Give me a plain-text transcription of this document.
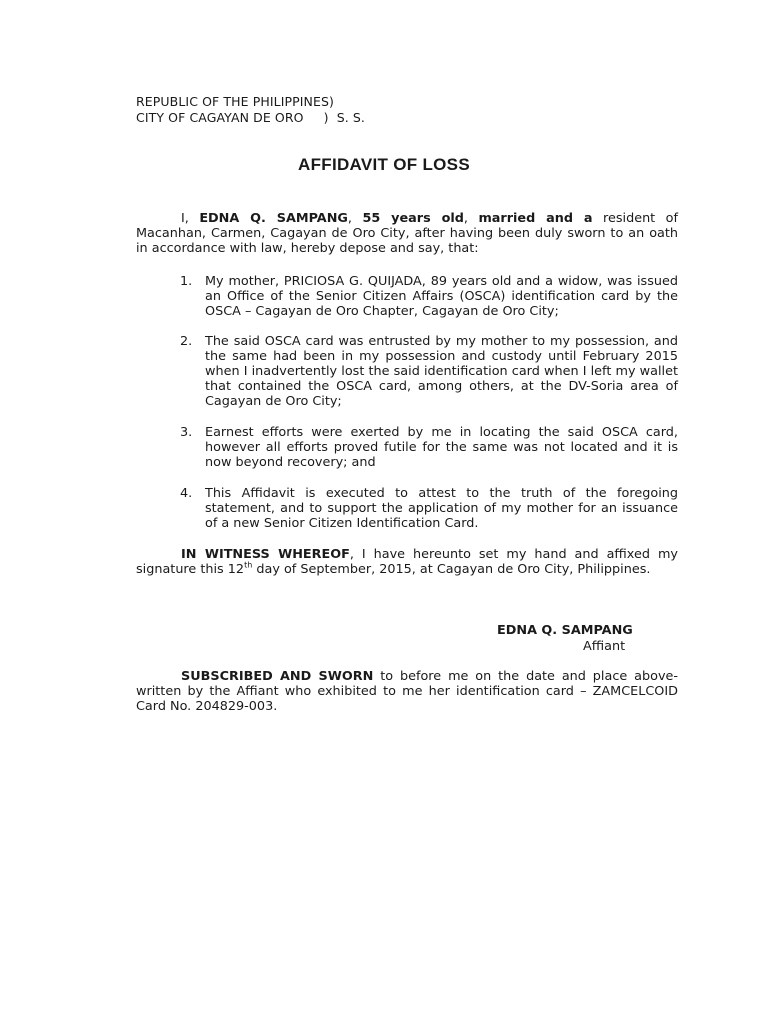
REPUBLIC OF THE PHILIPPINES)
CITY OF CAGAYAN DE ORO )  S. S.
AFFIDAVIT OF LOSS
I, EDNA Q. SAMPANG, 55 years old, married and a resident of Macanhan, Carmen, Cagayan de Oro City, after having been duly sworn to an oath in accordance with law, hereby depose and say, that:
1. My mother, PRICIOSA G. QUIJADA, 89 years old and a widow, was issued an Office of the Senior Citizen Affairs (OSCA) identification card by the OSCA – Cagayan de Oro Chapter, Cagayan de Oro City;
2. The said OSCA card was entrusted by my mother to my possession, and the same had been in my possession and custody until February 2015 when I inadvertently lost the said identification card when I left my wallet that contained the OSCA card, among others, at the DV-Soria area of Cagayan de Oro City;
3. Earnest efforts were exerted by me in locating the said OSCA card, however all efforts proved futile for the same was not located and it is now beyond recovery; and
4. This Affidavit is executed to attest to the truth of the foregoing statement, and to support the application of my mother for an issuance of a new Senior Citizen Identification Card.
IN WITNESS WHEREOF, I have hereunto set my hand and affixed my signature this 12th day of September, 2015, at Cagayan de Oro City, Philippines.
EDNA Q. SAMPANG
Affiant
SUBSCRIBED AND SWORN to before me on the date and place above-written by the Affiant who exhibited to me her identification card – ZAMCELCOID Card No. 204829-003.
